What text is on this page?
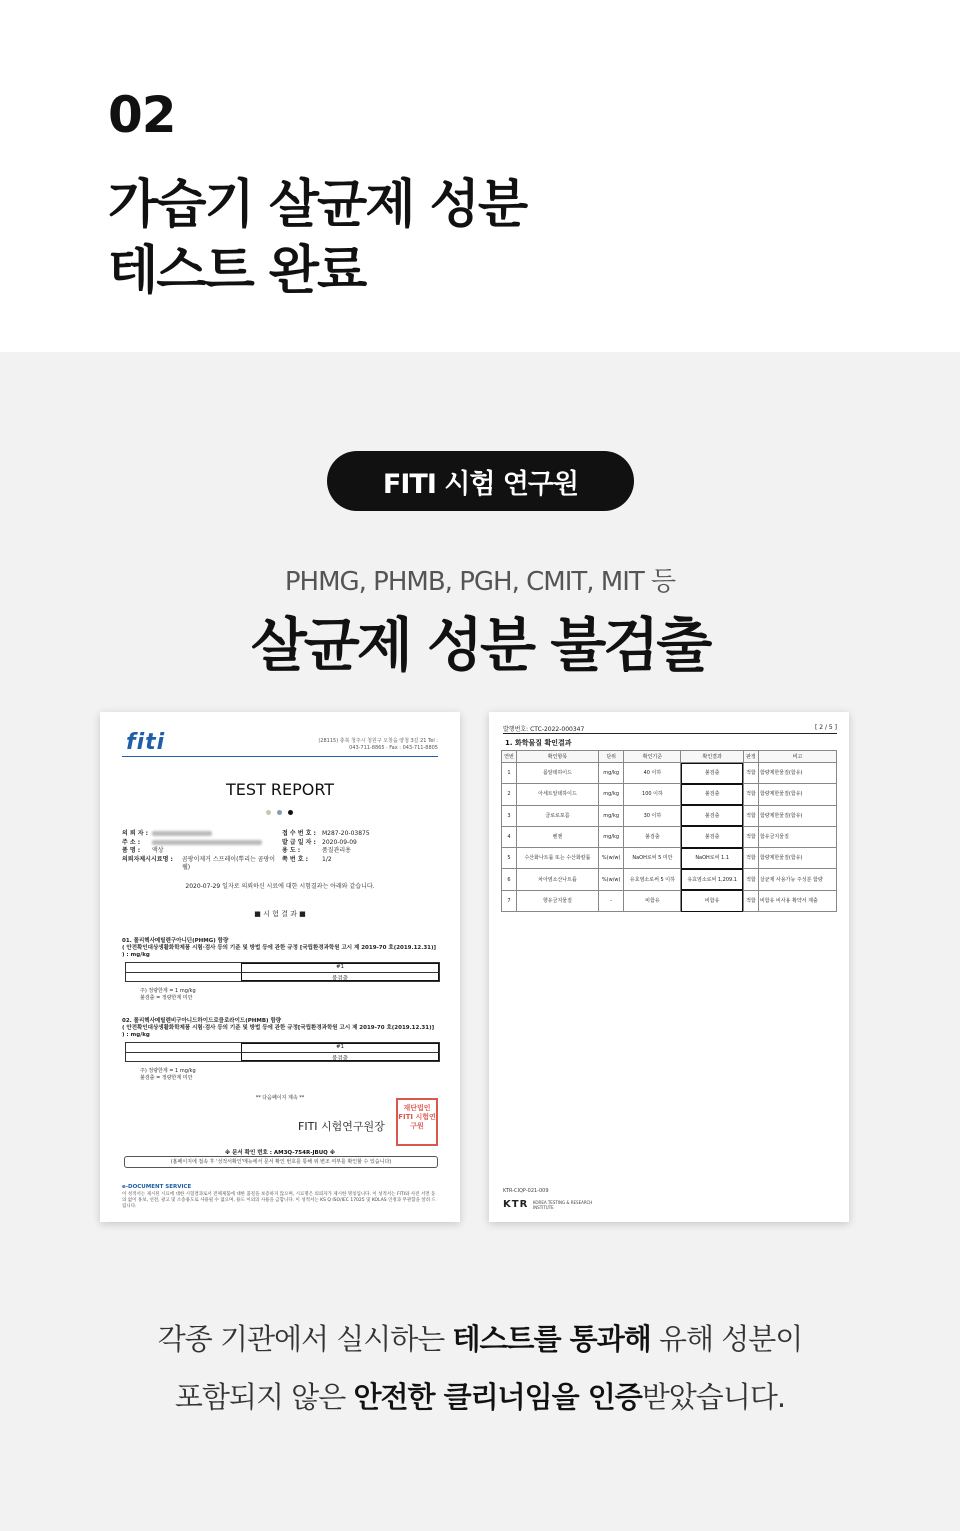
02
가습기 살균제 성분
테스트 완료
FITI 시험 연구원
PHMG, PHMB, PGH, CMIT, MIT 등
살균제 성분 불검출
fiti	(28115) 충북 청주시 청원구 오창읍 양청 3길 21 Tel : 043-711-8865 · Fax : 043-711-8805
TEST REPORT
의 뢰 자 :	접 수 번 호 :	M287-20-03875
주 소 :	발 급 일 자 :	2020-09-09
품 명 :	액상	용 도 :	품질관리용
의뢰자제시시료명 :	곰팡이제거 스프레이(뿌리는 곰팡이 웰)
쪽 번 호 :	1/2
2020-07-29 일자로 의뢰하신 시료에 대한 시험결과는 아래와 같습니다.
■ 시 험 결 과 ■
01. 폴리헥사메틸렌구아니딘(PHMG) 함량
( 안전확인대상생활화학제품 시험·검사 등의 기준 및 방법 등에 관한 규정 [국립환경과학원 고시 제 2019-70 호(2019.12.31)] ) : mg/kg
#1
불검출
주) 정량한계 = 1 mg/kg
불검출 = 정량한계 미만
02. 폴리헥사메틸렌비구아니드하이드로클로라이드(PHMB) 함량
( 안전확인대상생활화학제품 시험·검사 등의 기준 및 방법 등에 관한 규정[국립환경과학원 고시 제 2019-70 호(2019.12.31)] ) : mg/kg
#1
불검출
주) 정량한계 = 1 mg/kg
불검출 = 정량한계 미만
** 다음페이지 계속 **
FITI 시험연구원장
재단법인 FITI 시험연구원
※ 문서 확인 번호 : AM3Q-754R-JBUQ ※
(홈페이지에 접속 후 '성적서확인'메뉴에서 문서 확인 번호를 통해 위 변조 여부를 확인할 수 있습니다)
e-DOCUMENT SERVICE
이 성적서는 제시된 시료에 대한 시험결과로서 전체제품에 대한 품질을 보증하지 않으며, 시료명은 의뢰자가 제시한 명칭입니다. 이 성적서는 FITI와 사전 서면 동의 없이 홍보, 선전, 광고 및 소송용도로 사용될 수 없으며, 용도 이외의 사용을 금합니다. 이 성적서는 KS Q ISO/IEC 17025 및 KOLAS 인정과 무관함을 알려 드립니다.
발행번호: CTC-2022-000347	[ 2 / 5 ]
1. 화학물질 확인결과
연번	확인항목	단위	확인기준	확인결과	판정	비고
1	폼알데하이드	mg/kg	40 이하	불검출	적합	함량제한물질(함유)
2	아세트알데하이드	mg/kg	100 이하	불검출	적합	함량제한물질(함유)
3	클로로포름	mg/kg	30 이하	불검출	적합	함량제한물질(함유)
4	벤젠	mg/kg	불검출	불검출	적합	함유금지물질
5	수산화나트륨 또는 수산화칼륨	%(w/w)	NaOH로써 5 미만	NaOH로써 1.1	적합	함량제한물질(함유)
6	차아염소산나트륨	%(w/w)	유효염소로써 5 이하	유효염소로써 1,209.1	적합	살균제 사용가능 주성분 함량
7	향유금지물질	-	비함유	비함유	적합	비함유 비사용 확약서 제출
KTR-CIQP-021-009
KTR KOREA TESTING & RESEARCH INSTITUTE
각종 기관에서 실시하는 테스트를 통과해 유해 성분이
포함되지 않은 안전한 클리너임을 인증받았습니다.
